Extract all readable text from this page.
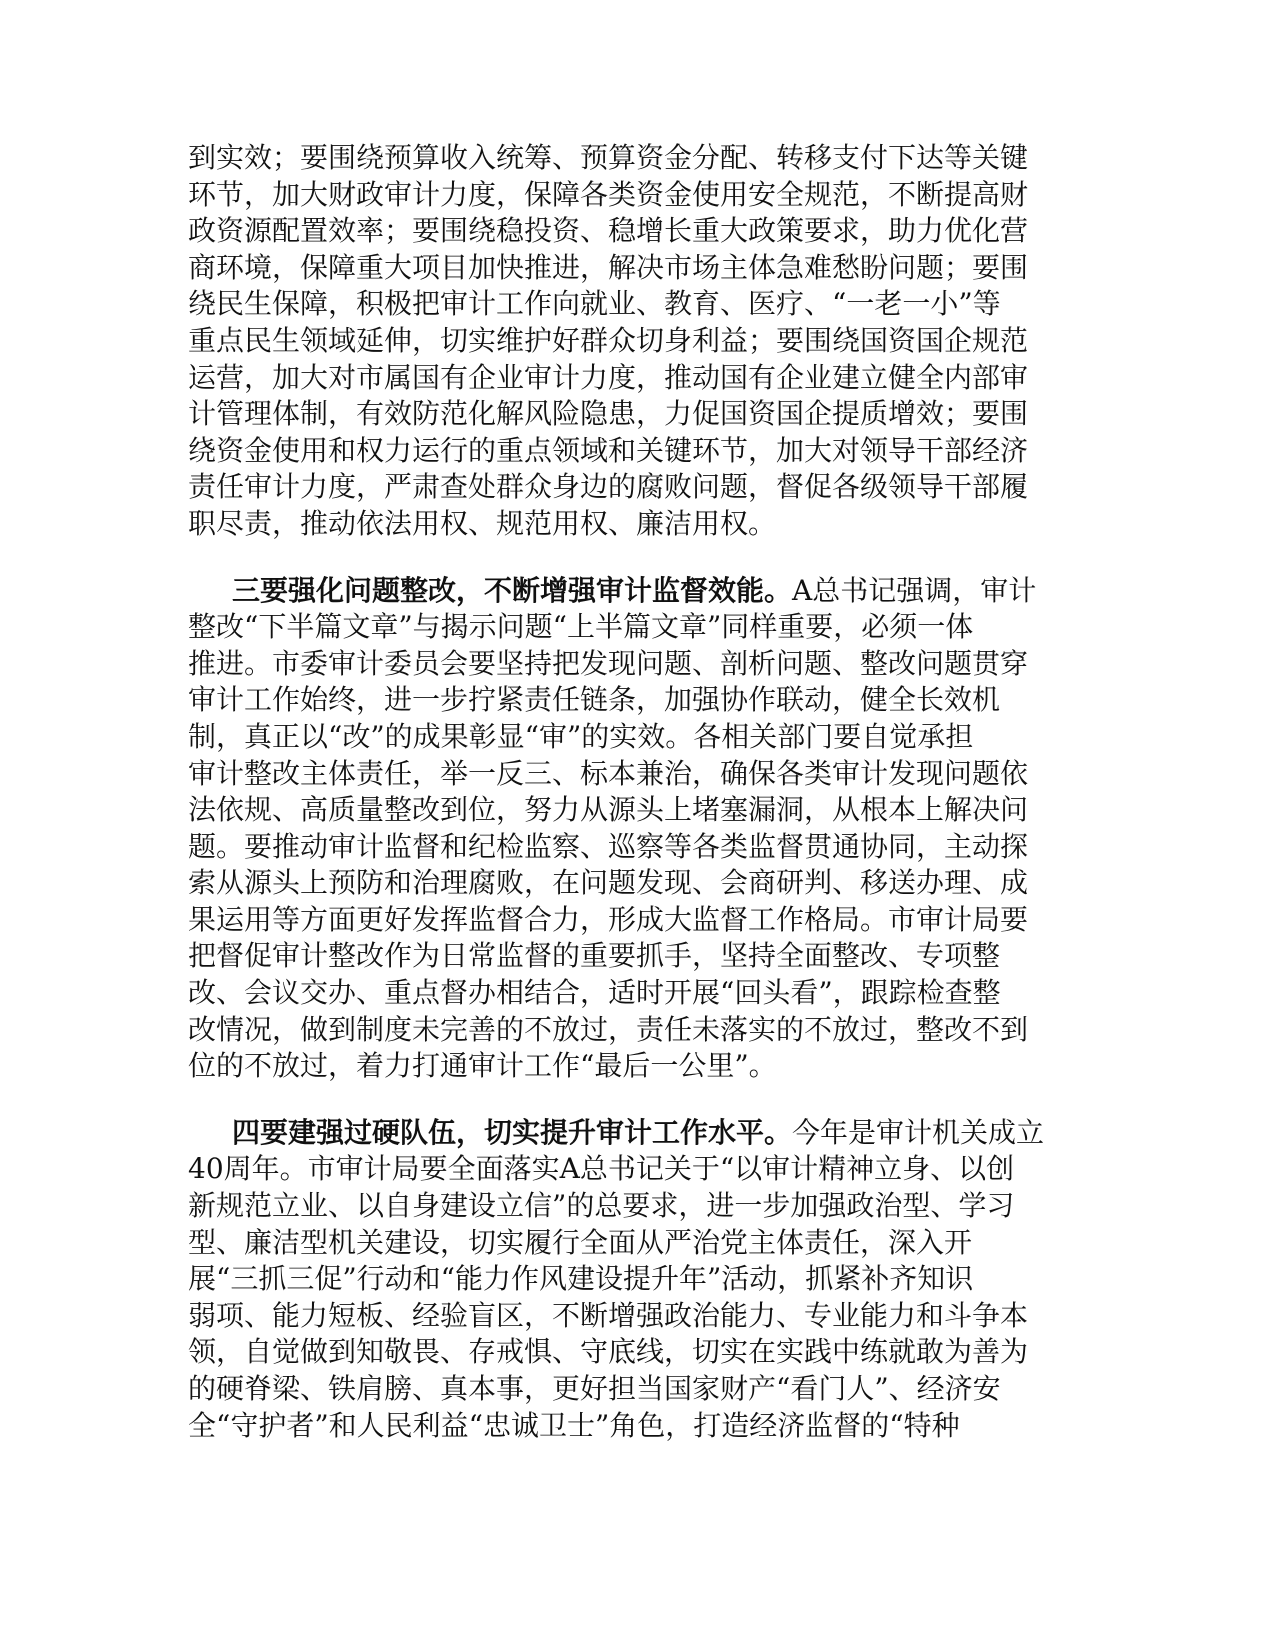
到实效；要围绕预算收入统筹、预算资金分配、转移支付下达等关键
环节，加大财政审计力度，保障各类资金使用安全规范，不断提高财
政资源配置效率；要围绕稳投资、稳增长重大政策要求，助力优化营
商环境，保障重大项目加快推进，解决市场主体急难愁盼问题；要围
绕民生保障，积极把审计工作向就业、教育、医疗、“一老一小”等
重点民生领域延伸，切实维护好群众切身利益；要围绕国资国企规范
运营，加大对市属国有企业审计力度，推动国有企业建立健全内部审
计管理体制，有效防范化解风险隐患，力促国资国企提质增效；要围
绕资金使用和权力运行的重点领域和关键环节，加大对领导干部经济
责任审计力度，严肃查处群众身边的腐败问题，督促各级领导干部履
职尽责，推动依法用权、规范用权、廉洁用权。
三要强化问题整改，不断增强审计监督效能。A总书记强调，审计
整改“下半篇文章”与揭示问题“上半篇文章”同样重要，必须一体
推进。市委审计委员会要坚持把发现问题、剖析问题、整改问题贯穿
审计工作始终，进一步拧紧责任链条，加强协作联动，健全长效机
制，真正以“改”的成果彰显“审”的实效。各相关部门要自觉承担
审计整改主体责任，举一反三、标本兼治，确保各类审计发现问题依
法依规、高质量整改到位，努力从源头上堵塞漏洞，从根本上解决问
题。要推动审计监督和纪检监察、巡察等各类监督贯通协同，主动探
索从源头上预防和治理腐败，在问题发现、会商研判、移送办理、成
果运用等方面更好发挥监督合力，形成大监督工作格局。市审计局要
把督促审计整改作为日常监督的重要抓手，坚持全面整改、专项整
改、会议交办、重点督办相结合，适时开展“回头看”，跟踪检查整
改情况，做到制度未完善的不放过，责任未落实的不放过，整改不到
位的不放过，着力打通审计工作“最后一公里”。
四要建强过硬队伍，切实提升审计工作水平。今年是审计机关成立
40周年。市审计局要全面落实A总书记关于“以审计精神立身、以创
新规范立业、以自身建设立信”的总要求，进一步加强政治型、学习
型、廉洁型机关建设，切实履行全面从严治党主体责任，深入开
展“三抓三促”行动和“能力作风建设提升年”活动，抓紧补齐知识
弱项、能力短板、经验盲区，不断增强政治能力、专业能力和斗争本
领，自觉做到知敬畏、存戒惧、守底线，切实在实践中练就敢为善为
的硬脊梁、铁肩膀、真本事，更好担当国家财产“看门人”、经济安
全“守护者”和人民利益“忠诚卫士”角色，打造经济监督的“特种
